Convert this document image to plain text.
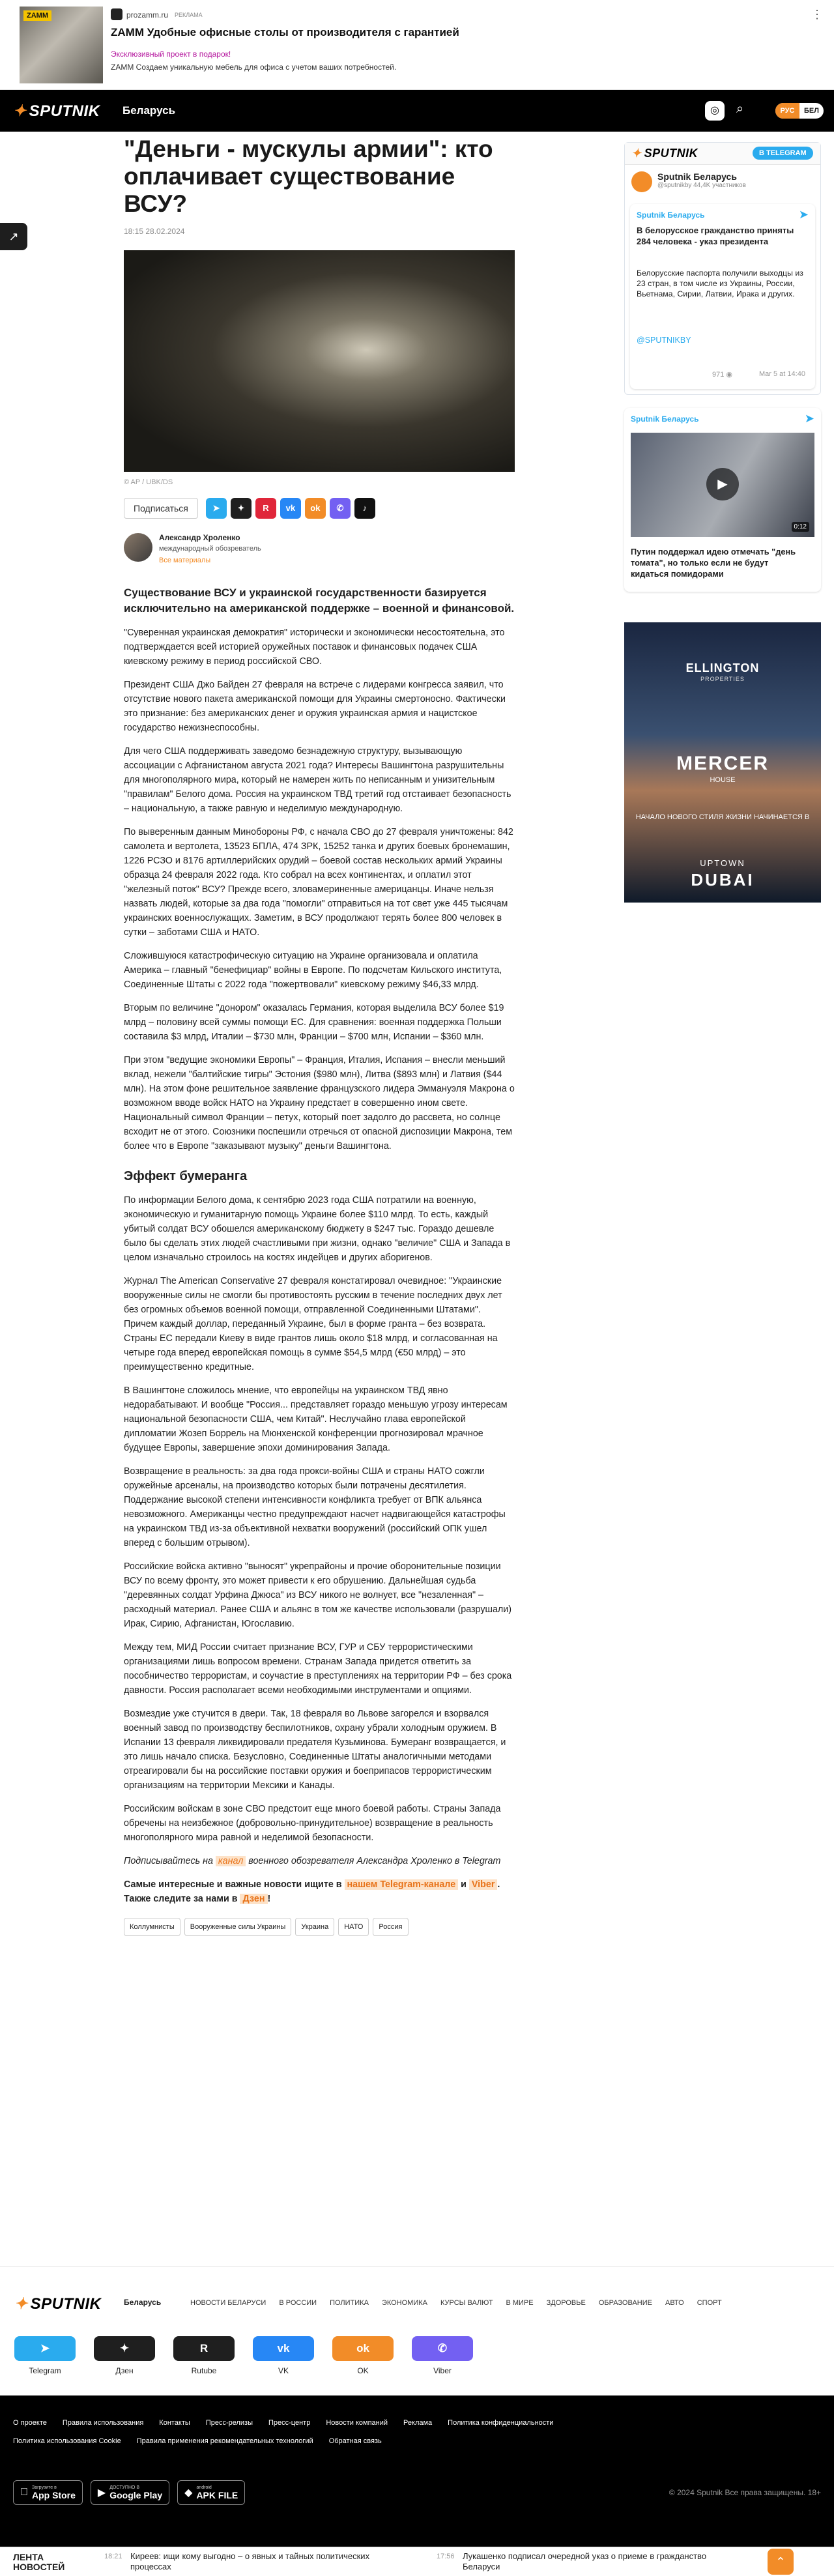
ZAMM	prozamm.ru РЕКЛАМА
ZAMM Удобные офисные столы от производителя с гарантией
Эксклюзивный проект в подарок!
ZAMM Создаем уникальную мебель для офиса с учетом ваших потребностей.
⋮
✦ SPUTNIK Беларусь	◎	⌕	РУС	БЕЛ
↗
"Деньги - мускулы армии": кто оплачивает существование ВСУ?
18:15 28.02.2024
© AP / UBK/DS
Подписаться	➤	✦	R	vk	ok	✆	♪
Александр Хроленко
международный обозреватель
Все материалы
Существование ВСУ и украинской государственности базируется исключительно на американской поддержке – военной и финансовой.

"Суверенная украинская демократия" исторически и экономически несостоятельна, это подтверждается всей историей оружейных поставок и финансовых подачек США киевскому режиму в период российской СВО.

Президент США Джо Байден 27 февраля на встрече с лидерами конгресса заявил, что отсутствие нового пакета американской помощи для Украины смертоносно. Фактически это признание: без американских денег и оружия украинская армия и нацистское государство нежизнеспособны.

Для чего США поддерживать заведомо безнадежную структуру, вызывающую ассоциации с Афганистаном августа 2021 года? Интересы Вашингтона разрушительны для многополярного мира, который не намерен жить по неписанным и унизительным "правилам" Белого дома. Россия на украинском ТВД третий год отстаивает безопасность – национальную, а также равную и неделимую международную.

По выверенным данным Минобороны РФ, с начала СВО до 27 февраля уничтожены: 842 самолета и вертолета, 13523 БПЛА, 474 ЗРК, 15252 танка и других боевых бронемашин, 1226 РСЗО и 8176 артиллерийских орудий – боевой состав нескольких армий Украины образца 24 февраля 2022 года. Кто собрал на всех континентах, и оплатил этот "железный поток" ВСУ? Прежде всего, зловамериненные америцанцы. Иначе нельзя назвать людей, которые за два года "помогли" отправиться на тот свет уже 445 тысячам украинских военнослужащих. Заметим, в ВСУ продолжают терять более 800 человек в сутки – заботами США и НАТО.

Сложившуюся катастрофическую ситуацию на Украине организовала и оплатила Америка – главный "бенефициар" войны в Европе. По подсчетам Кильского института, Соединенные Штаты с 2022 года "пожертвовали" киевскому режиму $46,33 млрд.

Вторым по величине "донором" оказалась Германия, которая выделила ВСУ более $19 млрд – половину всей суммы помощи ЕС. Для сравнения: военная поддержка Польши составила $3 млрд, Италии – $730 млн, Франции – $700 млн, Испании – $360 млн.

При этом "ведущие экономики Европы" – Франция, Италия, Испания – внесли меньший вклад, нежели "балтийские тигры" Эстония ($980 млн), Литва ($893 млн) и Латвия ($44 млн). На этом фоне решительное заявление французского лидера Эммануэля Макрона о возможном вводе войск НАТО на Украину предстает в совершенно ином свете. Национальный символ Франции – петух, который поет задолго до рассвета, но солнце всходит не от этого. Союзники поспешили отречься от опасной диспозиции Макрона, тем более что в Европе "заказывают музыку" деньги Вашингтона.

Эффект бумеранга

По информации Белого дома, к сентябрю 2023 года США потратили на военную, экономическую и гуманитарную помощь Украине более $110 млрд. То есть, каждый убитый солдат ВСУ обошелся американскому бюджету в $247 тыс. Гораздо дешевле было бы сделать этих людей счастливыми при жизни, однако "величие" США и Запада в целом изначально строилось на костях индейцев и других аборигенов.

Журнал The American Conservative 27 февраля констатировал очевидное: "Украинские вооруженные силы не смогли бы противостоять русским в течение последних двух лет без огромных объемов военной помощи, отправленной Соединенными Штатами". Причем каждый доллар, переданный Украине, был в форме гранта – без возврата. Страны ЕС передали Киеву в виде грантов лишь около $18 млрд, и согласованная на четыре года вперед европейская помощь в сумме $54,5 млрд (€50 млрд) – это преимущественно кредитные.

В Вашингтоне сложилось мнение, что европейцы на украинском ТВД явно недорабатывают. И вообще "Россия... представляет гораздо меньшую угрозу интересам национальной безопасности США, чем Китай". Неслучайно глава европейской дипломатии Жозеп Боррель на Мюнхенской конференции прогнозировал мрачное будущее Европы, завершение эпохи доминирования Запада.

Возвращение в реальность: за два года прокси-войны США и страны НАТО сожгли оружейные арсеналы, на производство которых были потрачены десятилетия. Поддержание высокой степени интенсивности конфликта требует от ВПК альянса невозможного. Американцы честно предупреждают насчет надвигающейся катастрофы на украинском ТВД из-за объективной нехватки вооружений (российский ОПК ушел вперед с большим отрывом).

Российские войска активно "выносят" укрепрайоны и прочие оборонительные позиции ВСУ по всему фронту, это может привести к его обрушению. Дальнейшая судьба "деревянных солдат Урфина Джюса" из ВСУ никого не волнует, все "незаленная" – расходный материал. Ранее США и альянс в том же качестве использовали (разрушали) Ирак, Сирию, Афганистан, Югославию.

Между тем, МИД России считает признание ВСУ, ГУР и СБУ террористическими организациями лишь вопросом времени. Странам Запада придется ответить за пособничество террористам, и соучастие в преступлениях на территории РФ – без срока давности. Россия располагает всеми необходимыми инструментами и опциями.

Возмездие уже стучится в двери. Так, 18 февраля во Львове загорелся и взорвался военный завод по производству беспилотников, охрану убрали холодным оружием. В Испании 13 февраля ликвидировали предателя Кузьминова. Бумеранг возвращается, и это лишь начало списка. Безусловно, Соединенные Штаты аналогичными методами отреагировали бы на российские поставки оружия и боеприпасов террористическим организациям на территории Мексики и Канады.

Российским войскам в зоне СВО предстоит еще много боевой работы. Страны Запада обречены на неизбежное (добровольно-принудительное) возвращение в реальность многополярного мира равной и неделимой безопасности.

Подписывайтесь на канал военного обозревателя Александра Хроленко в Telegram

Самые интересные и важные новости ищите в нашем Telegram-канале и Viber . Также следите за нами в Дзен !

Коллумнисты	Вооруженные силы Украины	Украина	НАТО	Россия
✦ SPUTNIK	В TELEGRAM
Sputnik Беларусь
@sputnikby 44,4K участников
Sputnik Беларусь	➤
В белорусское гражданство приняты 284 человека - указ президента
Белорусские паспорта получили выходцы из 23 стран, в том числе из Украины, России, Вьетнама, Сирии, Латвии, Ирака и других.
@SPUTNIKBY
971 ◉	Mar 5 at 14:40
Sputnik Беларусь	➤
▶
0:12
Путин поддержал идею отмечать "день томата", но только если не будут кидаться помидорами
ELLINGTON
PROPERTIES
MERCER
HOUSE
НАЧАЛО НОВОГО СТИЛЯ ЖИЗНИ НАЧИНАЕТСЯ В
UPTOWN
DUBAI
✦ SPUTNIK	Беларусь	НОВОСТИ БЕЛАРУСИ В РОССИИ ПОЛИТИКА ЭКОНОМИКА КУРСЫ ВАЛЮТ В МИРЕ ЗДОРОВЬЕ ОБРАЗОВАНИЕ АВТО СПОРТ
➤
Telegram
✦
Дзен
R
Rutube
vk
VK
ok
OK
✆
Viber
О проекте Правила использования Контакты Пресс-релизы Пресс-центр Новости компаний Реклама Политика конфиденциальности
Политика использования Cookie Правила применения рекомендательных технологий Обратная связь
Загрузите в
App Store ▶ ДОСТУПНО В
Google Play ◆ android
APK FILE	© 2024 Sputnik Все права защищены. 18+
ЛЕНТА
НОВОСТЕЙ
18:21 Киреев: ищи кому выгодно – о явных и тайных политических процессах
17:56 Лукашенко подписал очередной указ о приеме в гражданство Беларуси	⌃
